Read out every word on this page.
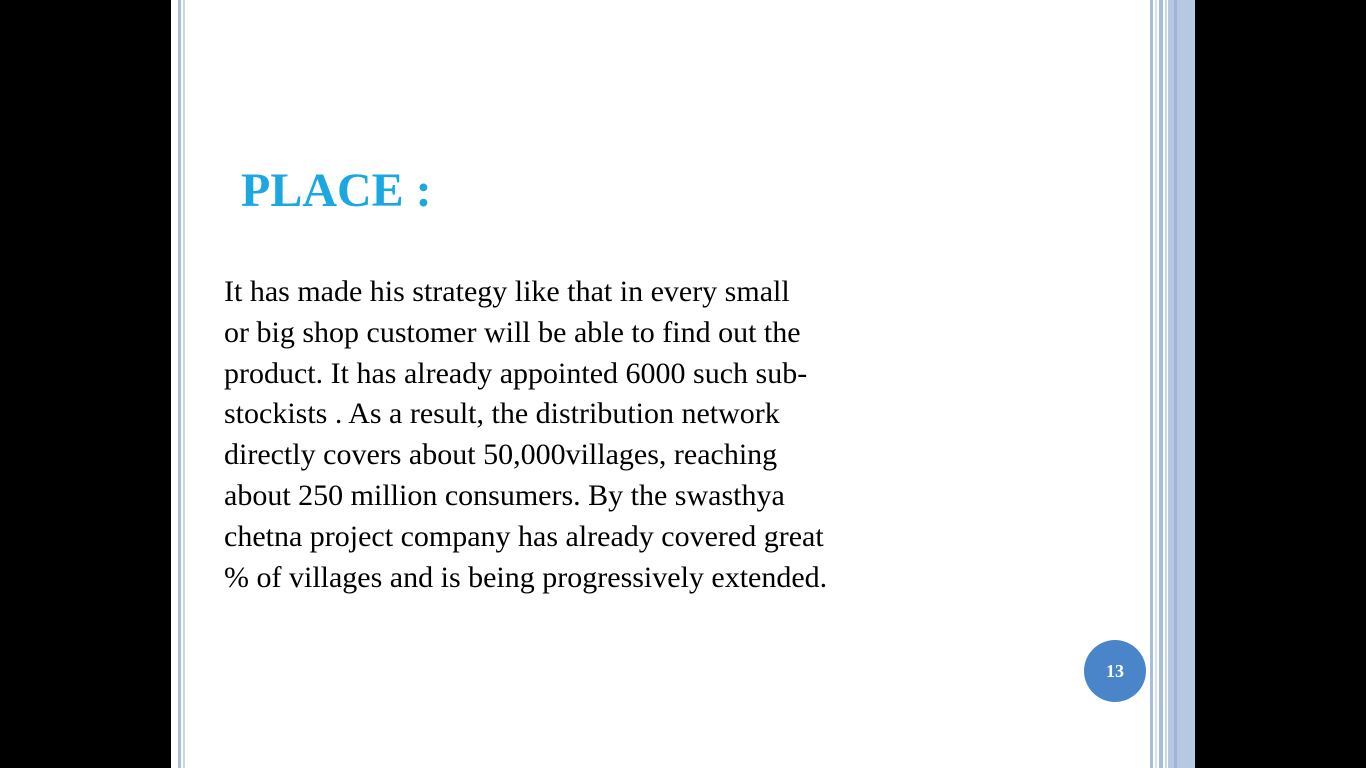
PLACE :
It has made his strategy like that in every small
or big shop customer will be able to find out the
product. It has already appointed 6000 such sub-
stockists . As a result, the distribution network
directly covers about 50,000villages, reaching
about 250 million consumers. By the swasthya
chetna project company has already covered great
% of villages and is being progressively extended.
13
